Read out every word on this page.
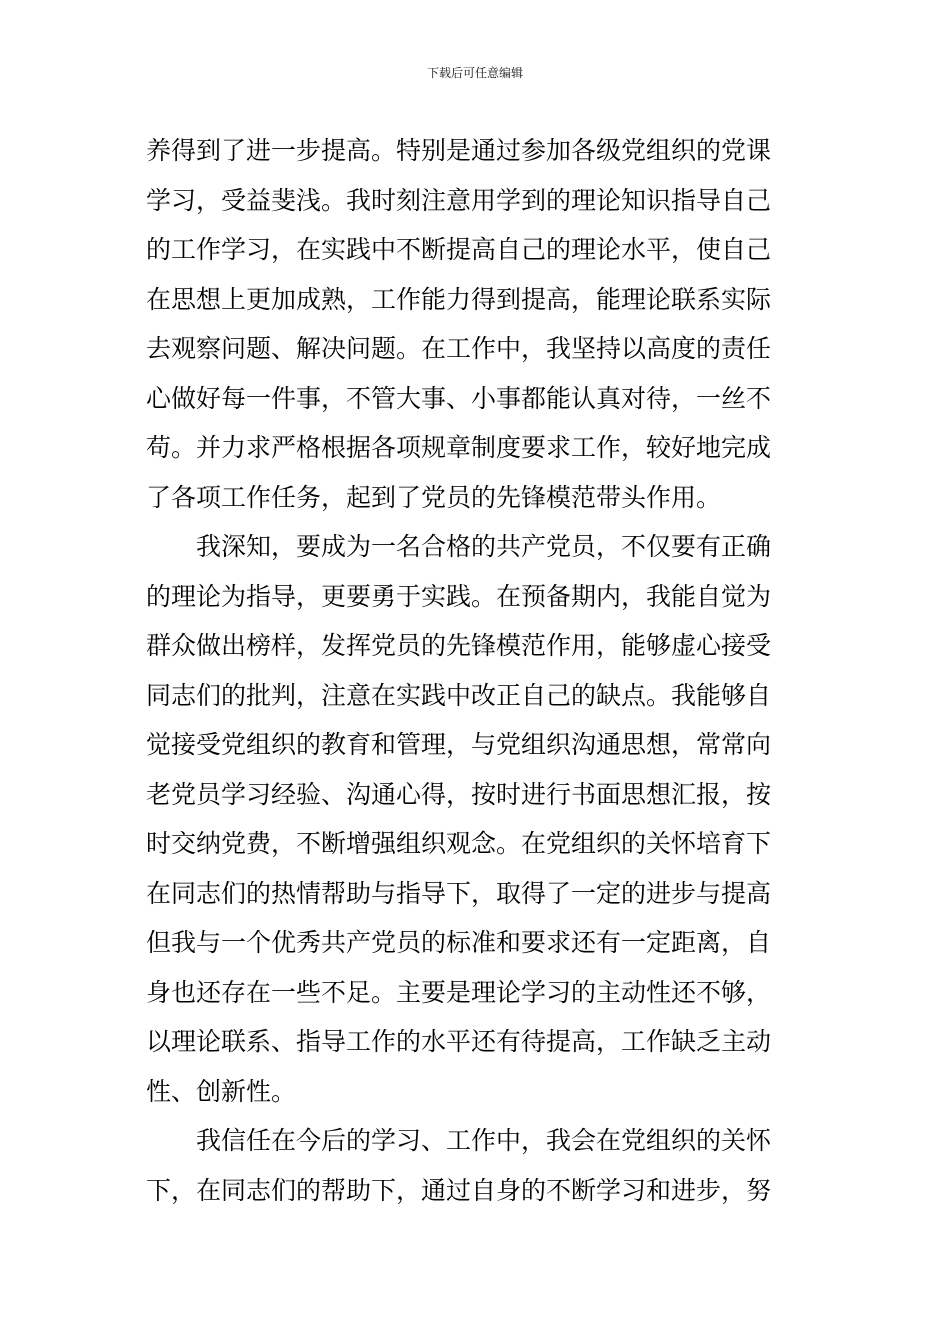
下载后可任意编辑
养得到了进一步提高。特别是通过参加各级党组织的党课
学习，受益斐浅。我时刻注意用学到的理论知识指导自己
的工作学习，在实践中不断提高自己的理论水平，使自己
在思想上更加成熟，工作能力得到提高，能理论联系实际
去观察问题、解决问题。在工作中，我坚持以高度的责任
心做好每一件事，不管大事、小事都能认真对待，一丝不
苟。并力求严格根据各项规章制度要求工作，较好地完成
了各项工作任务，起到了党员的先锋模范带头作用。
我深知，要成为一名合格的共产党员，不仅要有正确
的理论为指导，更要勇于实践。在预备期内，我能自觉为
群众做出榜样，发挥党员的先锋模范作用，能够虚心接受
同志们的批判，注意在实践中改正自己的缺点。我能够自
觉接受党组织的教育和管理，与党组织沟通思想，常常向
老党员学习经验、沟通心得，按时进行书面思想汇报，按
时交纳党费，不断增强组织观念。在党组织的关怀培育下
在同志们的热情帮助与指导下，取得了一定的进步与提高
但我与一个优秀共产党员的标准和要求还有一定距离，自
身也还存在一些不足。主要是理论学习的主动性还不够，
以理论联系、指导工作的水平还有待提高，工作缺乏主动
性、创新性。
我信任在今后的学习、工作中，我会在党组织的关怀
下，在同志们的帮助下，通过自身的不断学习和进步，努
